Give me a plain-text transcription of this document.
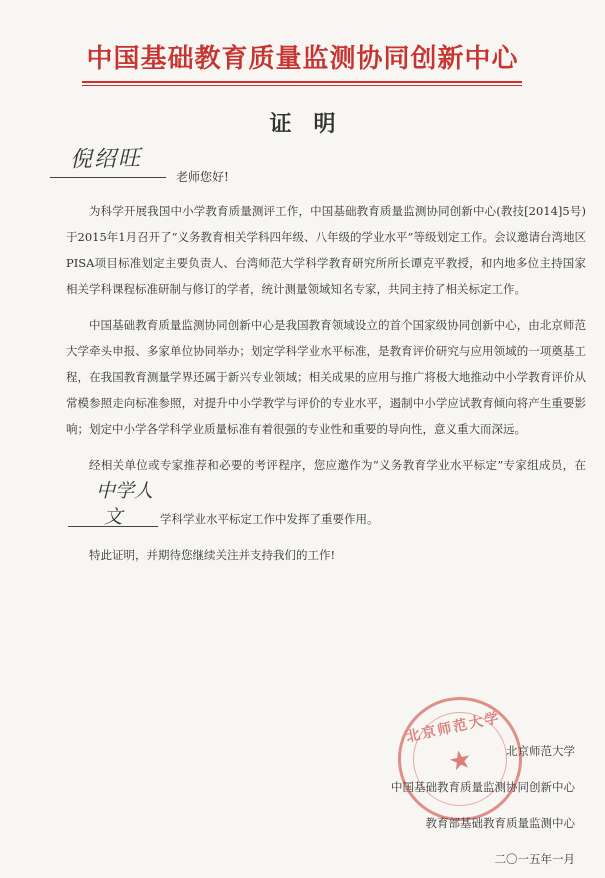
中国基础教育质量监测协同创新中心
证明
倪绍旺
老师您好!

为科学开展我国中小学教育质量测评工作，中国基础教育质量监测协同创新中心(教技[2014]5号)于2015年1月召开了“义务教育相关学科四年级、八年级的学业水平”等级划定工作。会议邀请台湾地区PISA项目标准划定主要负责人、台湾师范大学科学教育研究所所长谭克平教授，和内地多位主持国家相关学科课程标准研制与修订的学者，统计测量领域知名专家，共同主持了相关标定工作。

中国基础教育质量监测协同创新中心是我国教育领域设立的首个国家级协同创新中心，由北京师范大学牵头申报、多家单位协同举办；划定学科学业水平标准，是教育评价研究与应用领域的一项奠基工程，在我国教育测量学界还属于新兴专业领域；相关成果的应用与推广将极大地推动中小学教育评价从常模参照走向标准参照，对提升中小学教学与评价的专业水平，遏制中小学应试教育倾向将产生重要影响；划定中小学各学科学业质量标准有着很强的专业性和重要的导向性，意义重大而深远。

经相关单位或专家推荐和必要的考评程序，您应邀作为“义务教育学业水平标定”专家组成员，在中学人文	学科学业水平标定工作中发挥了重要作用。

特此证明，并期待您继续关注并支持我们的工作!

北京师范大学
★	北京师范大学
中国基础教育质量监测协同创新中心
教育部基础教育质量监测中心
二〇一五年一月
